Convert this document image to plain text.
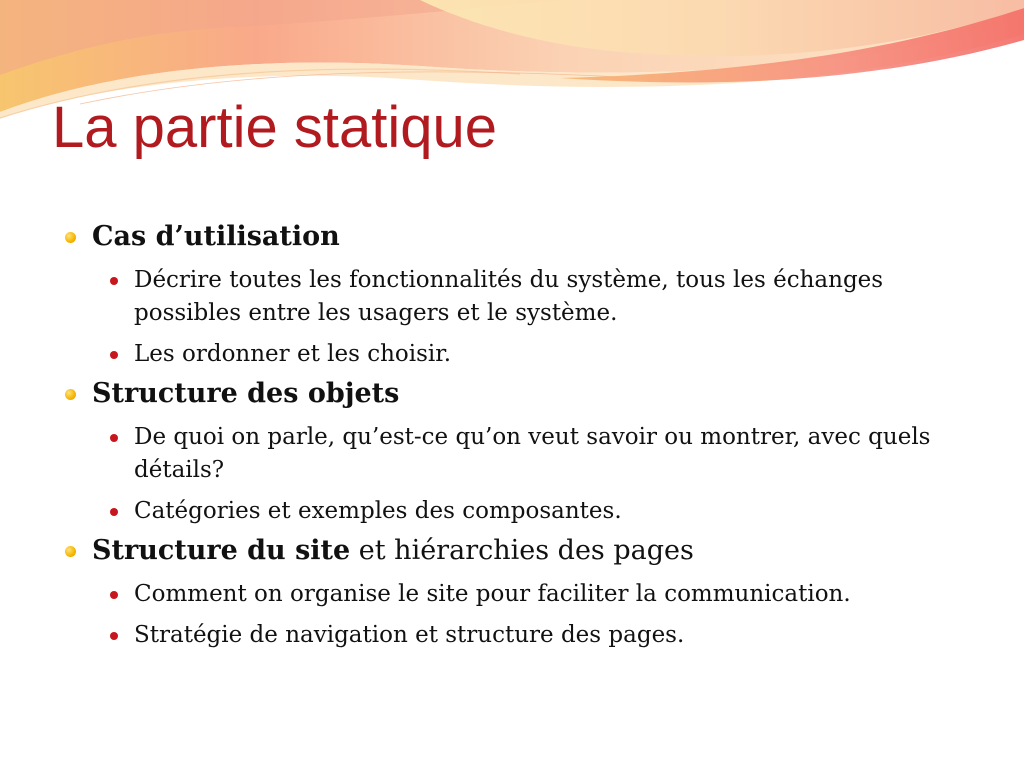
La partie statique

Cas d’utilisation

Décrire toutes les fonctionnalités du système, tous les échanges possibles entre les usagers et le système.

Les ordonner et les choisir.

Structure des objets

De quoi on parle, qu’est-ce qu’on veut savoir ou montrer, avec quels détails?

Catégories et exemples des composantes.

Structure du site et hiérarchies des pages

Comment on organise le site pour faciliter la communication.

Stratégie de navigation et structure des pages.
